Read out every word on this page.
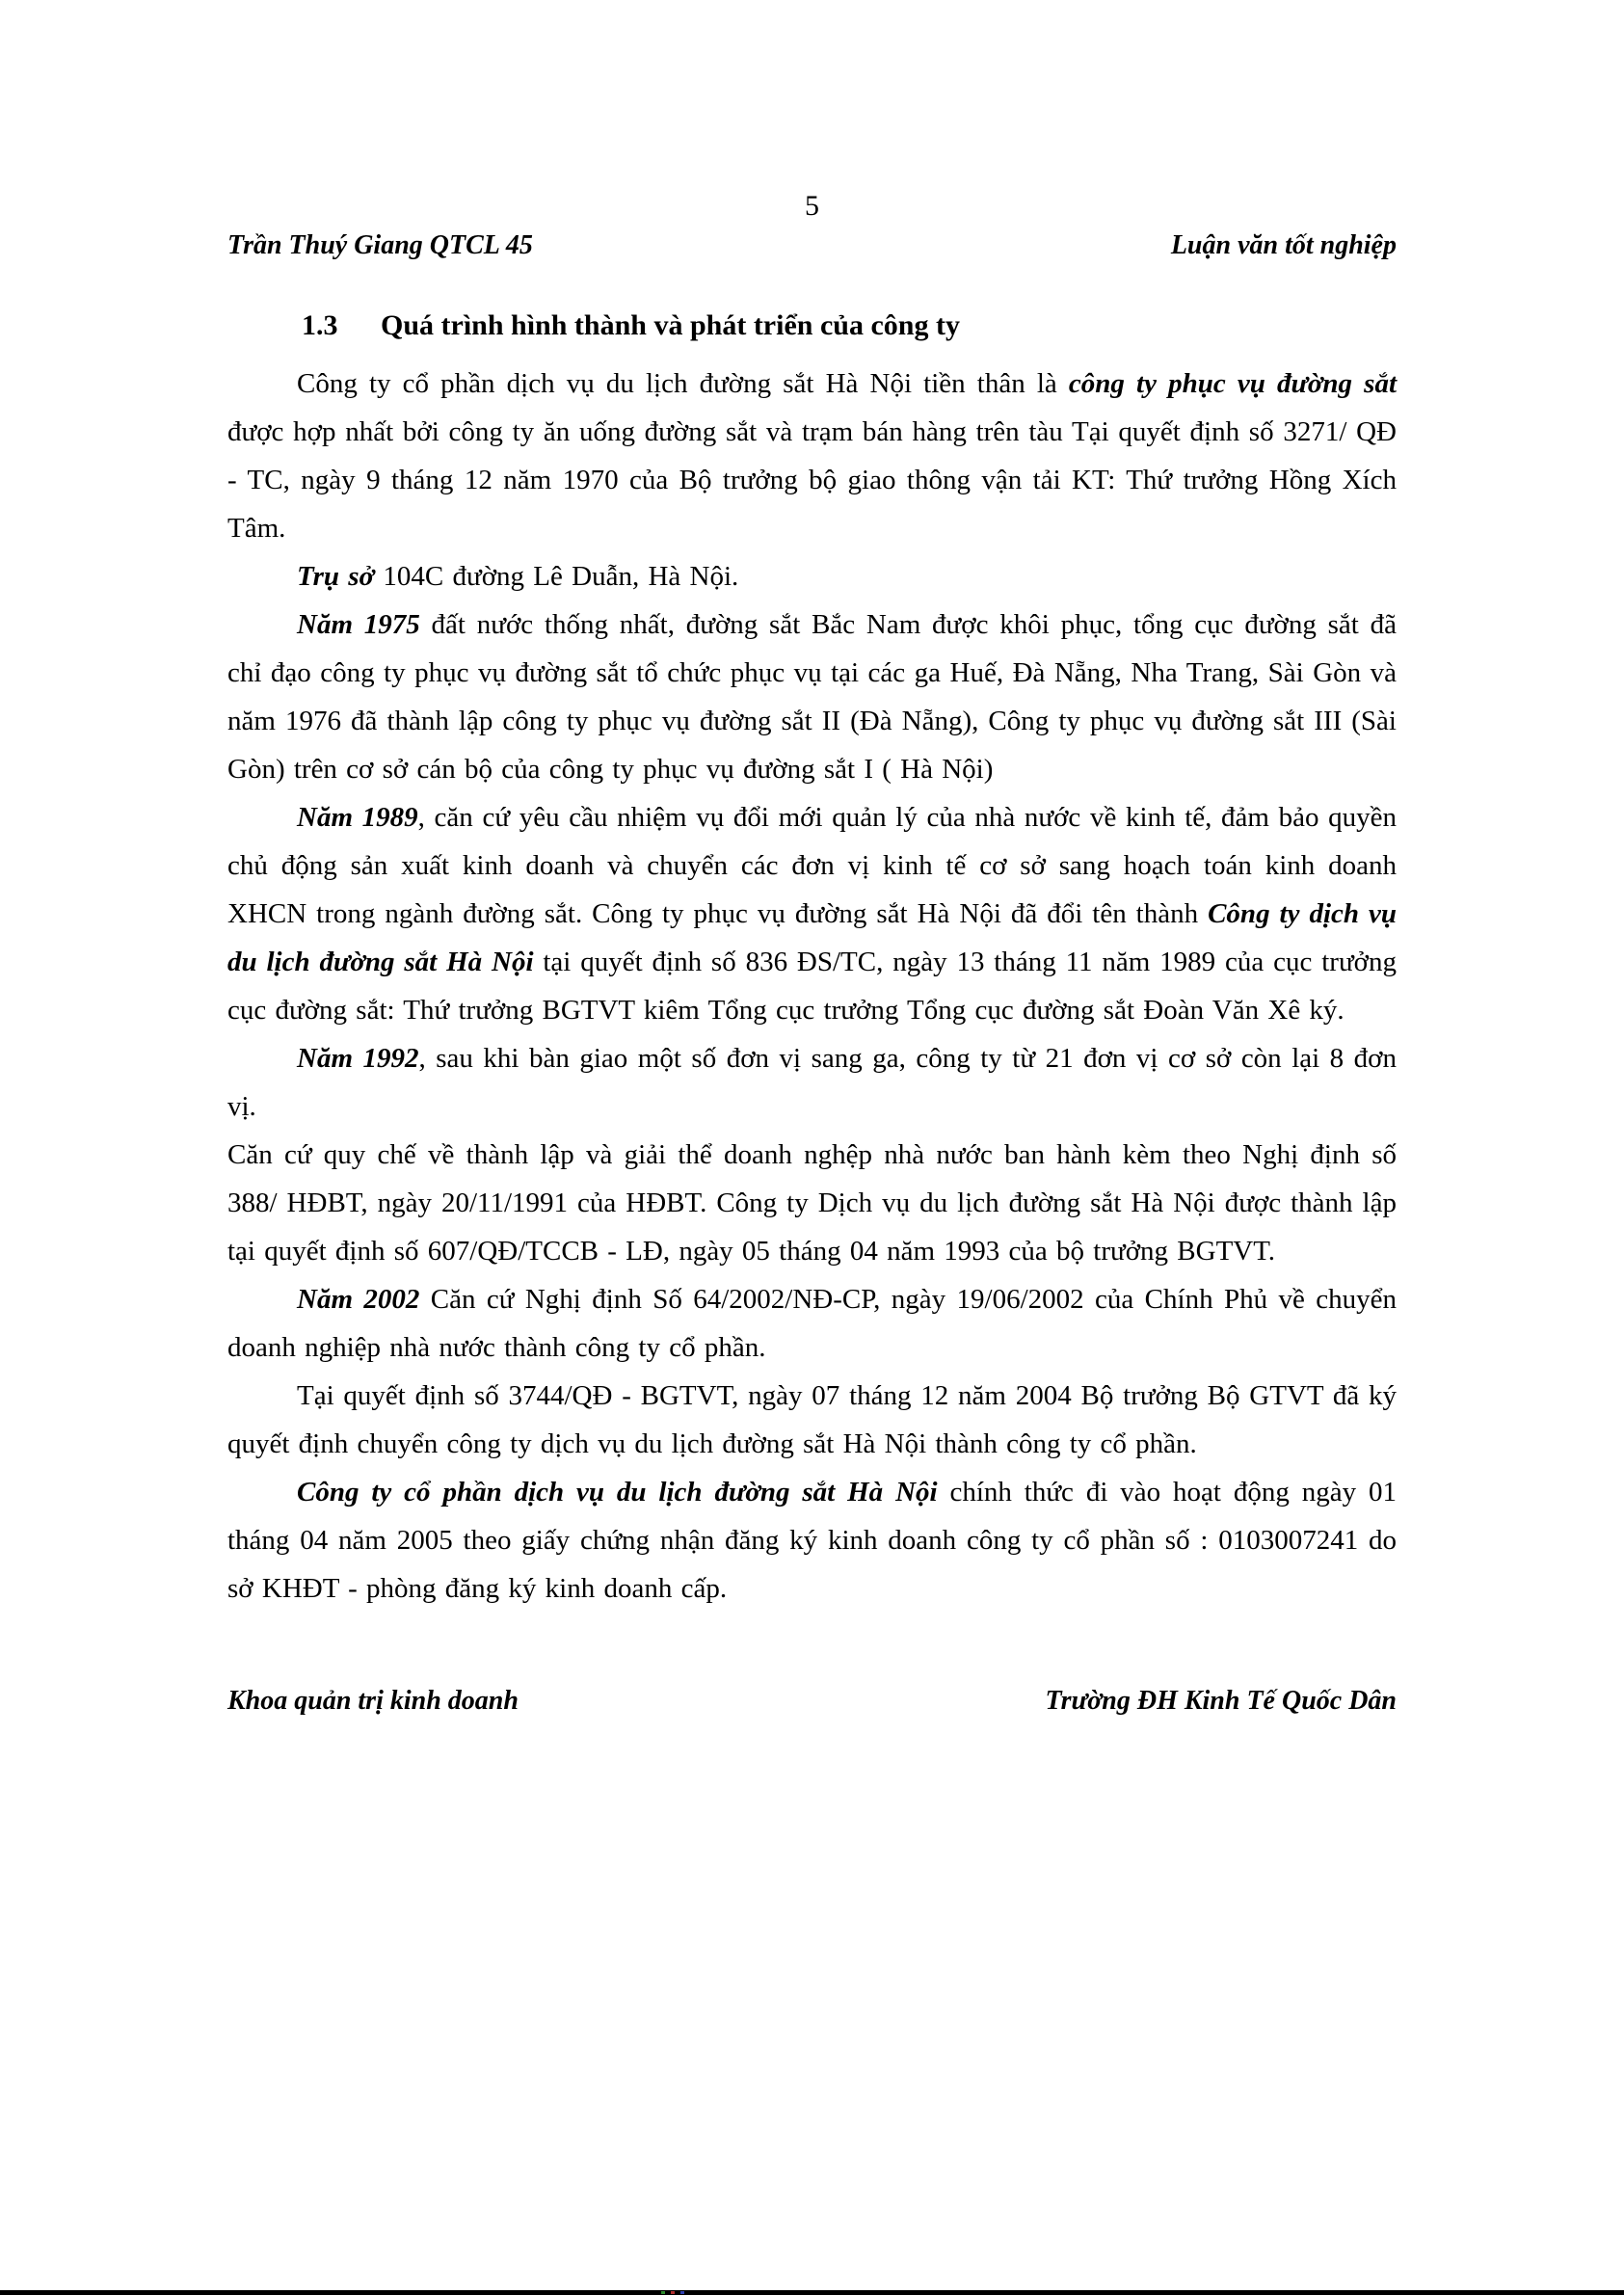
5
Trần Thuý Giang QTCL 45	Luận văn tốt nghiệp

1.3 Quá trình hình thành và phát triển của công ty

Công ty cổ phần dịch vụ du lịch đường sắt Hà Nội tiền thân là công ty phục vụ đường sắt được hợp nhất bởi công ty ăn uống đường sắt và trạm bán hàng trên tàu Tại quyết định số 3271/ QĐ - TC, ngày 9 tháng 12 năm 1970 của Bộ trưởng bộ giao thông vận tải KT: Thứ trưởng Hồng Xích Tâm.

Trụ sở 104C đường Lê Duẫn, Hà Nội.

Năm 1975 đất nước thống nhất, đường sắt Bắc Nam được khôi phục, tổng cục đường sắt đã chỉ đạo công ty phục vụ đường sắt tổ chức phục vụ tại các ga Huế, Đà Nẵng, Nha Trang, Sài Gòn và năm 1976 đã thành lập công ty phục vụ đường sắt II (Đà Nẵng), Công ty phục vụ đường sắt III (Sài Gòn) trên cơ sở cán bộ của công ty phục vụ đường sắt I ( Hà Nội)

Năm 1989, căn cứ yêu cầu nhiệm vụ đổi mới quản lý của nhà nước về kinh tế, đảm bảo quyền chủ động sản xuất kinh doanh và chuyển các đơn vị kinh tế cơ sở sang hoạch toán kinh doanh XHCN trong ngành đường sắt. Công ty phục vụ đường sắt Hà Nội đã đổi tên thành Công ty dịch vụ du lịch đường sắt Hà Nội tại quyết định số 836 ĐS/TC, ngày 13 tháng 11 năm 1989 của cục trưởng cục đường sắt: Thứ trưởng BGTVT kiêm Tổng cục trưởng Tổng cục đường sắt Đoàn Văn Xê ký.

Năm 1992, sau khi bàn giao một số đơn vị sang ga, công ty từ 21 đơn vị cơ sở còn lại 8 đơn vị.

Căn cứ quy chế về thành lập và giải thể doanh nghệp nhà nước ban hành kèm theo Nghị định số 388/ HĐBT, ngày 20/11/1991 của HĐBT. Công ty Dịch vụ du lịch đường sắt Hà Nội được thành lập tại quyết định số 607/QĐ/TCCB - LĐ, ngày 05 tháng 04 năm 1993 của bộ trưởng BGTVT.

Năm 2002 Căn cứ Nghị định Số 64/2002/NĐ-CP, ngày 19/06/2002 của Chính Phủ về chuyển doanh nghiệp nhà nước thành công ty cổ phần.

Tại quyết định số 3744/QĐ - BGTVT, ngày 07 tháng 12 năm 2004 Bộ trưởng Bộ GTVT đã ký quyết định chuyển công ty dịch vụ du lịch đường sắt Hà Nội thành công ty cổ phần.

Công ty cổ phần dịch vụ du lịch đường sắt Hà Nội chính thức đi vào hoạt động ngày 01 tháng 04 năm 2005 theo giấy chứng nhận đăng ký kinh doanh công ty cổ phần số : 0103007241 do sở KHĐT - phòng đăng ký kinh doanh cấp.

Khoa quản trị kinh doanh	Trường ĐH Kinh Tế Quốc Dân
